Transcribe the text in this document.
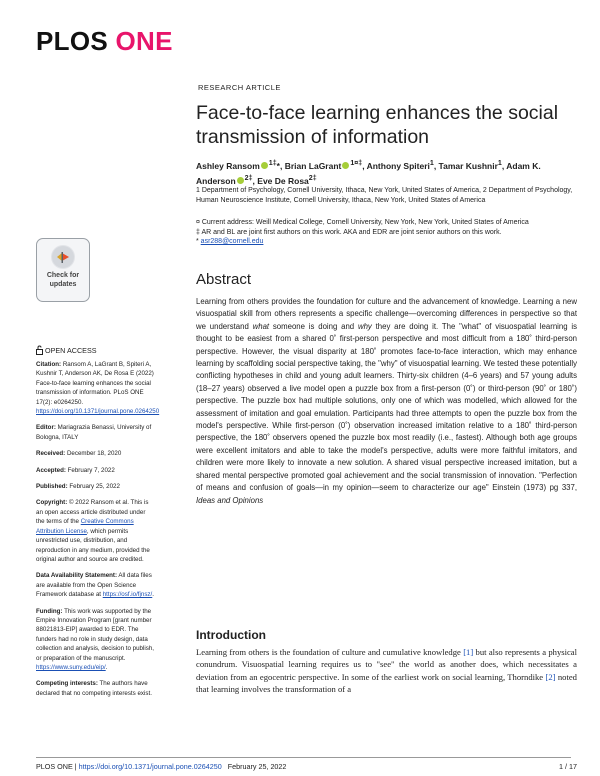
PLOS ONE
RESEARCH ARTICLE
Face-to-face learning enhances the social transmission of information
Ashley Ransom $^{1\ddagger}$*, Brian LaGrant $^{1¤\ddagger}$, Anthony Spiteri$^1$, Tamar Kushnir$^1$, Adam K. Anderson $^{2\ddagger}$, Eve De Rosa$^{2\ddagger}$
1 Department of Psychology, Cornell University, Ithaca, New York, United States of America, 2 Department of Psychology, Human Neuroscience Institute, Cornell University, Ithaca, New York, United States of America
¤ Current address: Weill Medical College, Cornell University, New York, New York, United States of America
‡ AR and BL are joint first authors on this work. AKA and EDR are joint senior authors on this work.
* asr288@cornell.edu
Check for
updates
OPEN ACCESS

Citation: Ransom A, LaGrant B, Spiteri A, Kushnir T, Anderson AK, De Rosa E (2022) Face-to-face learning enhances the social transmission of information. PLoS ONE 17(2): e0264250. https://doi.org/10.1371/journal.pone.0264250

Editor: Mariagrazia Benassi, University of Bologna, ITALY

Received: December 18, 2020

Accepted: February 7, 2022

Published: February 25, 2022

Copyright: © 2022 Ransom et al. This is an open access article distributed under the terms of the Creative Commons Attribution License, which permits unrestricted use, distribution, and reproduction in any medium, provided the original author and source are credited.

Data Availability Statement: All data files are available from the Open Science Framework database at https://osf.io/fjnsz/.

Funding: This work was supported by the Empire Innovation Program [grant number 88021813-EIP] awarded to EDR. The funders had no role in study design, data collection and analysis, decision to publish, or preparation of the manuscript. https://www.suny.edu/eip/.

Competing interests: The authors have declared that no competing interests exist.

Abstract
Learning from others provides the foundation for culture and the advancement of knowledge. Learning a new visuospatial skill from others represents a specific challenge—overcoming differences in perspective so that we understand what someone is doing and why they are doing it. The "what" of visuospatial learning is thought to be easiest from a shared 0˚ first-person perspective and most difficult from a 180˚ third-person perspective. However, the visual disparity at 180˚ promotes face-to-face interaction, which may enhance learning by scaffolding social perspective taking, the "why" of visuospatial learning. We tested these potentially conflicting hypotheses in child and young adult learners. Thirty-six children (4–6 years) and 57 young adults (18–27 years) observed a live model open a puzzle box from a first-person (0˚) or third-person (90˚ or 180˚) perspective. The puzzle box had multiple solutions, only one of which was modelled, which allowed for the assessment of imitation and goal emulation. Participants had three attempts to open the puzzle box from the model's perspective. While first-person (0˚) observation increased imitation relative to a 180˚ third-person perspective, the 180˚ observers opened the puzzle box most readily (i.e., fastest). Although both age groups were excellent imitators and able to take the model's perspective, adults were more faithful imitators, and children were more likely to innovate a new solution. A shared visual perspective increased imitation, but a shared mental perspective promoted goal achievement and the social transmission of innovation. "Perfection of means and confusion of goals—in my opinion—seem to characterize our age" Einstein (1973) pg 337, Ideas and Opinions
Introduction
Learning from others is the foundation of culture and cumulative knowledge [1] but also represents a physical conundrum. Visuospatial learning requires us to "see" the world as another does, which necessitates a deviation from an egocentric perspective. In some of the earliest work on social learning, Thorndike [2] noted that learning involves the transformation of a
PLOS ONE | https://doi.org/10.1371/journal.pone.0264250   February 25, 2022	1 / 17
